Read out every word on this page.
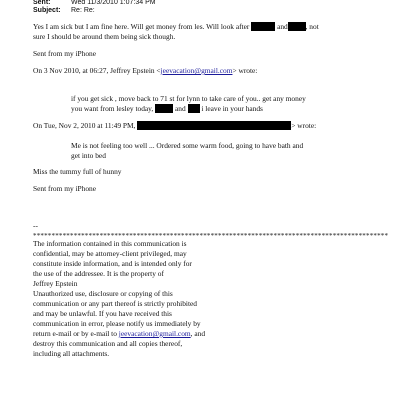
Sent:	Wed 11/3/2010 1:07:34 PM
Subject: Re: Re:
Yes I am sick but I am fine here. Will get money from les. Will look after	and , not
sure I should be around them being sick though.
Sent from my iPhone
On 3 Nov 2010, at 06:27, Jeffrey Epstein <jeevacation@gmail.com> wrote:
if you get sick , move back to 71 st for lynn to take care of you.. get any money
you want from lesley today,	and i leave in your hands
On Tue, Nov 2, 2010 at 11:49 PM,	> wrote:
Me is not feeling too well ... Ordered some warm food, going to have bath and
get into bed
Miss the tummy full of hunny
Sent from my iPhone
--
************************************************************************************************
The information contained in this communication is
confidential, may be attorney-client privileged, may
constitute inside information, and is intended only for
the use of the addressee. It is the property of
Jeffrey Epstein
Unauthorized use, disclosure or copying of this
communication or any part thereof is strictly prohibited
and may be unlawful. If you have received this
communication in error, please notify us immediately by
return e-mail or by e-mail to jeevacation@gmail.com, and
destroy this communication and all copies thereof,
including all attachments.
